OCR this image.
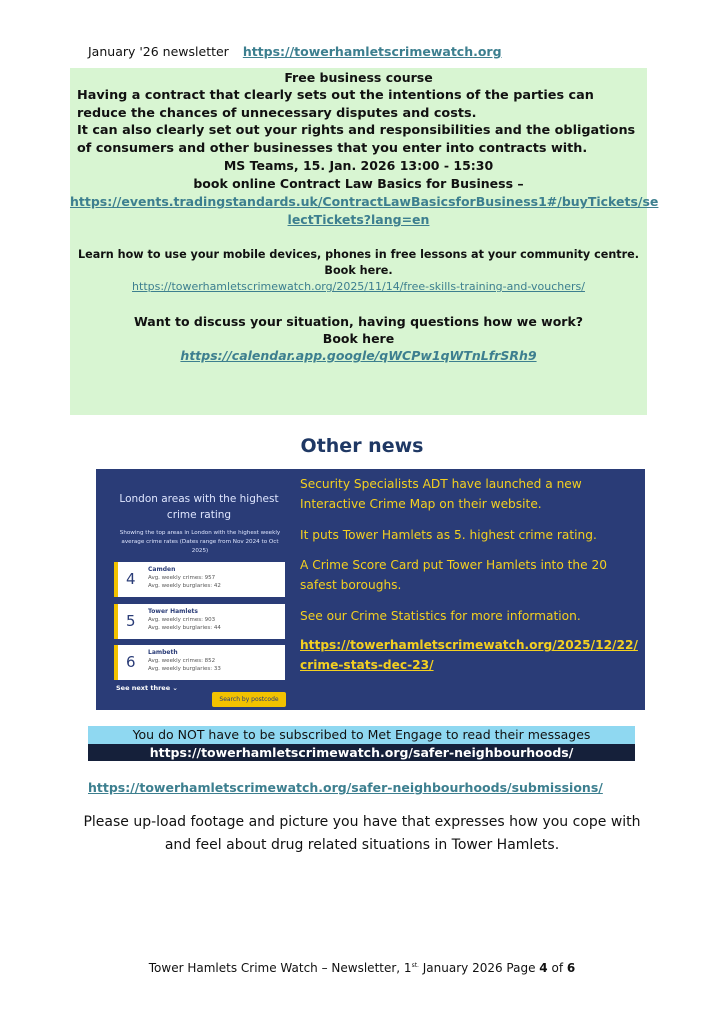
January '26 newsletter https://towerhamletscrimewatch.org
Free business course
Having a contract that clearly sets out the intentions of the parties can reduce the chances of unnecessary disputes and costs.
It can also clearly set out your rights and responsibilities and the obligations of consumers and other businesses that you enter into contracts with.
MS Teams, 15. Jan. 2026 13:00 - 15:30
book online Contract Law Basics for Business –
https://events.tradingstandards.uk/ContractLawBasicsforBusiness1#/buyTickets/se
lectTickets?lang=en
Learn how to use your mobile devices, phones in free lessons at your community centre.
Book here.
https://towerhamletscrimewatch.org/2025/11/14/free-skills-training-and-vouchers/
Want to discuss your situation, having questions how we work?
Book here
https://calendar.app.google/qWCPw1qWTnLfrSRh9
Other news
London areas with the highest crime rating
Showing the top areas in London with the highest weekly average crime rates (Dates range from Nov 2024 to Oct 2025)
4
Camden
Avg. weekly crimes: 957
Avg. weekly burglaries: 42
5
Tower Hamlets
Avg. weekly crimes: 903
Avg. weekly burglaries: 44
6
Lambeth
Avg. weekly crimes: 852
Avg. weekly burglaries: 33
See next three ⌄
Search by postcode
Security Specialists ADT have launched a new Interactive Crime Map on their website.
It puts Tower Hamlets as 5. highest crime rating.
A Crime Score Card put Tower Hamlets into the 20 safest boroughs.
See our Crime Statistics for more information.
https://towerhamletscrimewatch.org/2025/12/22/
crime-stats-dec-23/
You do NOT have to be subscribed to Met Engage to read their messages
https://towerhamletscrimewatch.org/safer-neighbourhoods/
https://towerhamletscrimewatch.org/safer-neighbourhoods/submissions/
Please up-load footage and picture you have that expresses how you cope with and feel about drug related situations in Tower Hamlets.
Tower Hamlets Crime Watch – Newsletter, $1^{st.}$ January 2026 Page 4 of 6
